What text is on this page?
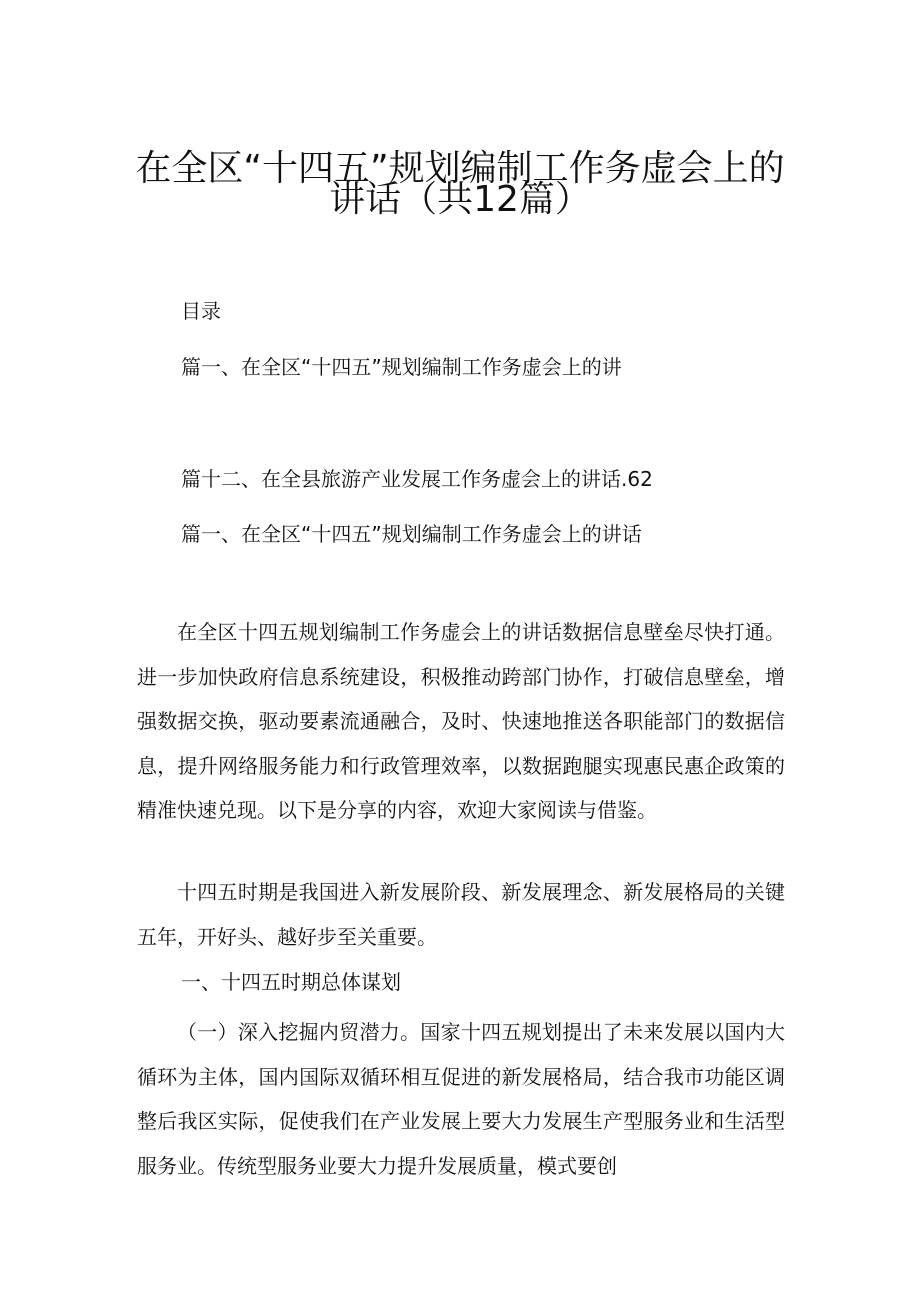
在全区“十四五”规划编制工作务虚会上的
讲话（共12篇）
目录
篇一、在全区“十四五”规划编制工作务虚会上的讲
篇十二、在全县旅游产业发展工作务虚会上的讲话.62
篇一、在全区“十四五”规划编制工作务虚会上的讲话

在全区十四五规划编制工作务虚会上的讲话数据信息壁垒尽快打通。进一步加快政府信息系统建设，积极推动跨部门协作，打破信息壁垒，增强数据交换，驱动要素流通融合，及时、快速地推送各职能部门的数据信息，提升网络服务能力和行政管理效率，以数据跑腿实现惠民惠企政策的精准快速兑现。以下是分享的内容，欢迎大家阅读与借鉴。

十四五时期是我国进入新发展阶段、新发展理念、新发展格局的关键五年，开好头、越好步至关重要。

一、十四五时期总体谋划

（一）深入挖掘内贸潜力。国家十四五规划提出了未来发展以国内大循环为主体，国内国际双循环相互促进的新发展格局，结合我市功能区调整后我区实际，促使我们在产业发展上要大力发展生产型服务业和生活型服务业。传统型服务业要大力提升发展质量，模式要创
